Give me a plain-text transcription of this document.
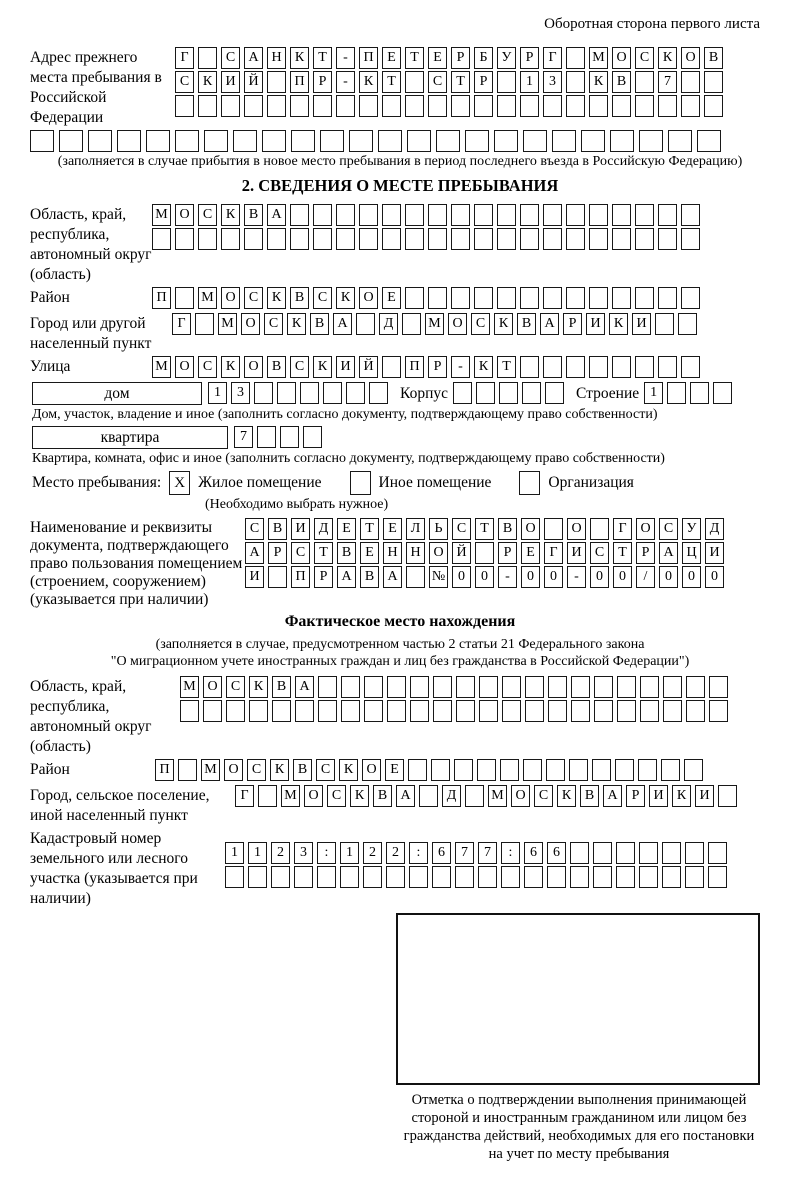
Оборотная сторона первого листа
Адрес прежнего места пребывания в Российской Федерации
Г	С А Н К	Т	-	П Е	Т	Е	Р	Б	У	Р	Г	М О С К О В
С К И Й	П	Р	-	К	Т	С	Т	Р	1	3	К В	7
(заполняется в случае прибытия в новое место пребывания в период последнего въезда в Российскую Федерацию)
2. СВЕДЕНИЯ О МЕСТЕ ПРЕБЫВАНИЯ
Область, край, республика, автономный округ (область)
М О С К В А
Район	П	М О С К В С К О Е
Город или другой населенный пункт
Г	М О С К В А	Д	М О С К В А	Р	И К И
Улица	М О С К О В С К И Й	П	Р	-	К	Т
дом	1	3	Корпус	Строение 1
Дом, участок, владение и иное (заполнить согласно документу, подтверждающему право собственности)
квартира	7
Квартира, комната, офис и иное (заполнить согласно документу, подтверждающему право собственности)
Место пребывания: X Жилое помещение	Иное помещение	Организация
(Необходимо выбрать нужное)
Наименование и реквизиты документа, подтверждающего право пользования помещением (строением, сооружением) (указывается при наличии)
С В И Д Е	Т	Е Л	Ь	С	Т	В О	О	Г О С У Д
А	Р	С	Т	В	Е Н Н О Й	Р	Е	Г И С	Т	Р	А Ц И
И	П	Р	А В А	№ 0	0	-	0	0	-	0	0	/	0	0	0
Фактическое место нахождения
(заполняется в случае, предусмотренном частью 2 статьи 21 Федерального закона
"О миграционном учете иностранных граждан и лиц без гражданства в Российской Федерации")
Область, край, республика, автономный округ (область)
М О С К В А
Район	П	М О С К В С К О Е
Город, сельское поселение, иной населенный пункт
Г	М О С К В А	Д	М О С К В А	Р	И К И
Кадастровый номер земельного или лесного участка (указывается при наличии)
1	1	2	3	:	1	2	2	:	6	7	7	:	6	6
Отметка о подтверждении выполнения принимающей стороной и иностранным гражданином или лицом без гражданства действий, необходимых для его постановки на учет по месту пребывания
